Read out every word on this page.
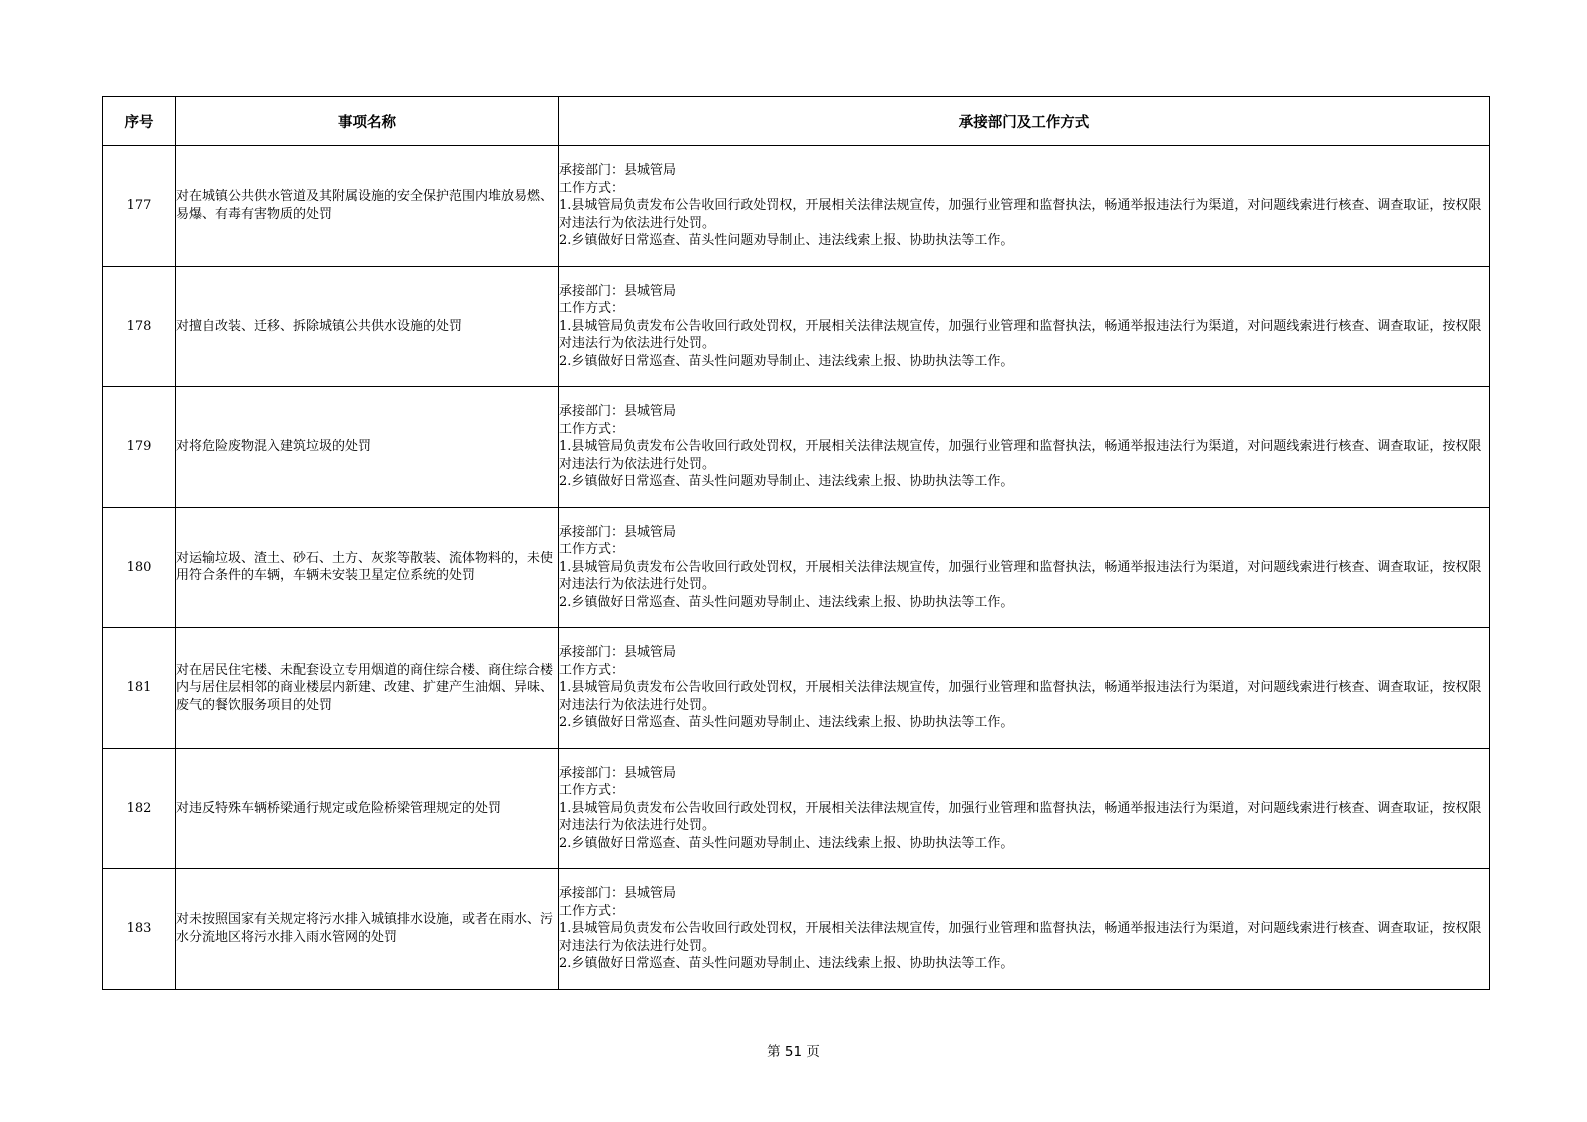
序号	事项名称	承接部门及工作方式
177	对在城镇公共供水管道及其附属设施的安全保护范围内堆放易燃、易爆、有毒有害物质的处罚	承接部门：县城管局
工作方式：
1.县城管局负责发布公告收回行政处罚权，开展相关法律法规宣传，加强行业管理和监督执法，畅通举报违法行为渠道，对问题线索进行核查、调查取证，按权限对违法行为依法进行处罚。
2.乡镇做好日常巡查、苗头性问题劝导制止、违法线索上报、协助执法等工作。

178	对擅自改装、迁移、拆除城镇公共供水设施的处罚	承接部门：县城管局
工作方式：
1.县城管局负责发布公告收回行政处罚权，开展相关法律法规宣传，加强行业管理和监督执法，畅通举报违法行为渠道，对问题线索进行核查、调查取证，按权限对违法行为依法进行处罚。
2.乡镇做好日常巡查、苗头性问题劝导制止、违法线索上报、协助执法等工作。

179	对将危险废物混入建筑垃圾的处罚	承接部门：县城管局
工作方式：
1.县城管局负责发布公告收回行政处罚权，开展相关法律法规宣传，加强行业管理和监督执法，畅通举报违法行为渠道，对问题线索进行核查、调查取证，按权限对违法行为依法进行处罚。
2.乡镇做好日常巡查、苗头性问题劝导制止、违法线索上报、协助执法等工作。

180	对运输垃圾、渣土、砂石、土方、灰浆等散装、流体物料的，未使用符合条件的车辆，车辆未安装卫星定位系统的处罚	承接部门：县城管局
工作方式：
1.县城管局负责发布公告收回行政处罚权，开展相关法律法规宣传，加强行业管理和监督执法，畅通举报违法行为渠道，对问题线索进行核查、调查取证，按权限对违法行为依法进行处罚。
2.乡镇做好日常巡查、苗头性问题劝导制止、违法线索上报、协助执法等工作。

181	对在居民住宅楼、未配套设立专用烟道的商住综合楼、商住综合楼内与居住层相邻的商业楼层内新建、改建、扩建产生油烟、异味、废气的餐饮服务项目的处罚	承接部门：县城管局
工作方式：
1.县城管局负责发布公告收回行政处罚权，开展相关法律法规宣传，加强行业管理和监督执法，畅通举报违法行为渠道，对问题线索进行核查、调查取证，按权限对违法行为依法进行处罚。
2.乡镇做好日常巡查、苗头性问题劝导制止、违法线索上报、协助执法等工作。

182	对违反特殊车辆桥梁通行规定或危险桥梁管理规定的处罚	承接部门：县城管局
工作方式：
1.县城管局负责发布公告收回行政处罚权，开展相关法律法规宣传，加强行业管理和监督执法，畅通举报违法行为渠道，对问题线索进行核查、调查取证，按权限对违法行为依法进行处罚。
2.乡镇做好日常巡查、苗头性问题劝导制止、违法线索上报、协助执法等工作。

183	对未按照国家有关规定将污水排入城镇排水设施，或者在雨水、污水分流地区将污水排入雨水管网的处罚	承接部门：县城管局
工作方式：
1.县城管局负责发布公告收回行政处罚权，开展相关法律法规宣传，加强行业管理和监督执法，畅通举报违法行为渠道，对问题线索进行核查、调查取证，按权限对违法行为依法进行处罚。
2.乡镇做好日常巡查、苗头性问题劝导制止、违法线索上报、协助执法等工作。
第 51 页
